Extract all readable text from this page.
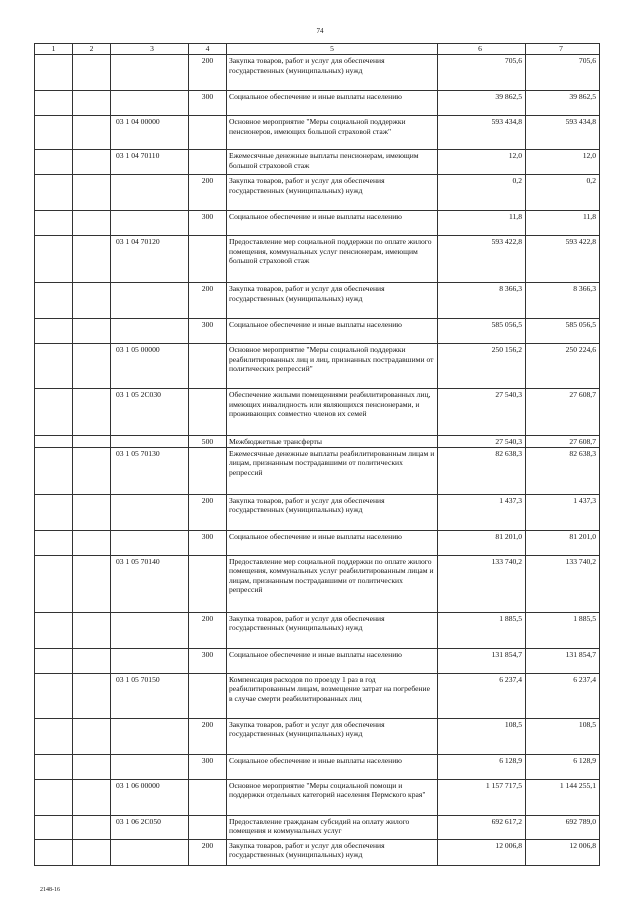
74
1	2	3	4	5	6	7
			200	Закупка товаров, работ и услуг для обеспечения государственных (муниципальных) нужд	705,6	705,6
			300	Социальное обеспечение и иные выплаты населению	39 862,5	39 862,5
		03 1 04 00000		Основное мероприятие "Меры социальной поддержки пенсионеров, имеющих большой страховой стаж"	593 434,8	593 434,8
		03 1 04 70110		Ежемесячные денежные выплаты пенсионерам, имеющим большой страховой стаж	12,0	12,0
			200	Закупка товаров, работ и услуг для обеспечения государственных (муниципальных) нужд	0,2	0,2
			300	Социальное обеспечение и иные выплаты населению	11,8	11,8
		03 1 04 70120		Предоставление мер социальной поддержки по оплате жилого помещения, коммунальных услуг пенсионерам, имеющим большой страховой стаж	593 422,8	593 422,8
			200	Закупка товаров, работ и услуг для обеспечения государственных (муниципальных) нужд	8 366,3	8 366,3
			300	Социальное обеспечение и иные выплаты населению	585 056,5	585 056,5
		03 1 05 00000		Основное мероприятие "Меры социальной поддержки реабилитированных лиц и лиц, признанных пострадавшими от политических репрессий"	250 156,2	250 224,6
		03 1 05 2C030		Обеспечение жилыми помещениями реабилитированных лиц, имеющих инвалидность или являющихся пенсионерами, и проживающих совместно членов их семей	27 540,3	27 608,7
			500	Межбюджетные трансферты	27 540,3	27 608,7
		03 1 05 70130		Ежемесячные денежные выплаты реабилитированным лицам и лицам, признанным пострадавшими от политических репрессий	82 638,3	82 638,3
			200	Закупка товаров, работ и услуг для обеспечения государственных (муниципальных) нужд	1 437,3	1 437,3
			300	Социальное обеспечение и иные выплаты населению	81 201,0	81 201,0
		03 1 05 70140		Предоставление мер социальной поддержки по оплате жилого помещения, коммунальных услуг реабилитированным лицам и лицам, признанным пострадавшими от политических репрессий	133 740,2	133 740,2
			200	Закупка товаров, работ и услуг для обеспечения государственных (муниципальных) нужд	1 885,5	1 885,5
			300	Социальное обеспечение и иные выплаты населению	131 854,7	131 854,7
		03 1 05 70150		Компенсация расходов по проезду 1 раз в год реабилитированным лицам, возмещение затрат на погребение в случае смерти реабилитированных лиц	6 237,4	6 237,4
			200	Закупка товаров, работ и услуг для обеспечения государственных (муниципальных) нужд	108,5	108,5
			300	Социальное обеспечение и иные выплаты населению	6 128,9	6 128,9
		03 1 06 00000		Основное мероприятие "Меры социальной помощи и поддержки отдельных категорий населения Пермского края"	1 157 717,5	1 144 255,1
		03 1 06 2C050		Предоставление гражданам субсидий на оплату жилого помещения и коммунальных услуг	692 617,2	692 789,0
			200	Закупка товаров, работ и услуг для обеспечения государственных (муниципальных) нужд	12 006,8	12 006,8
2148-16
